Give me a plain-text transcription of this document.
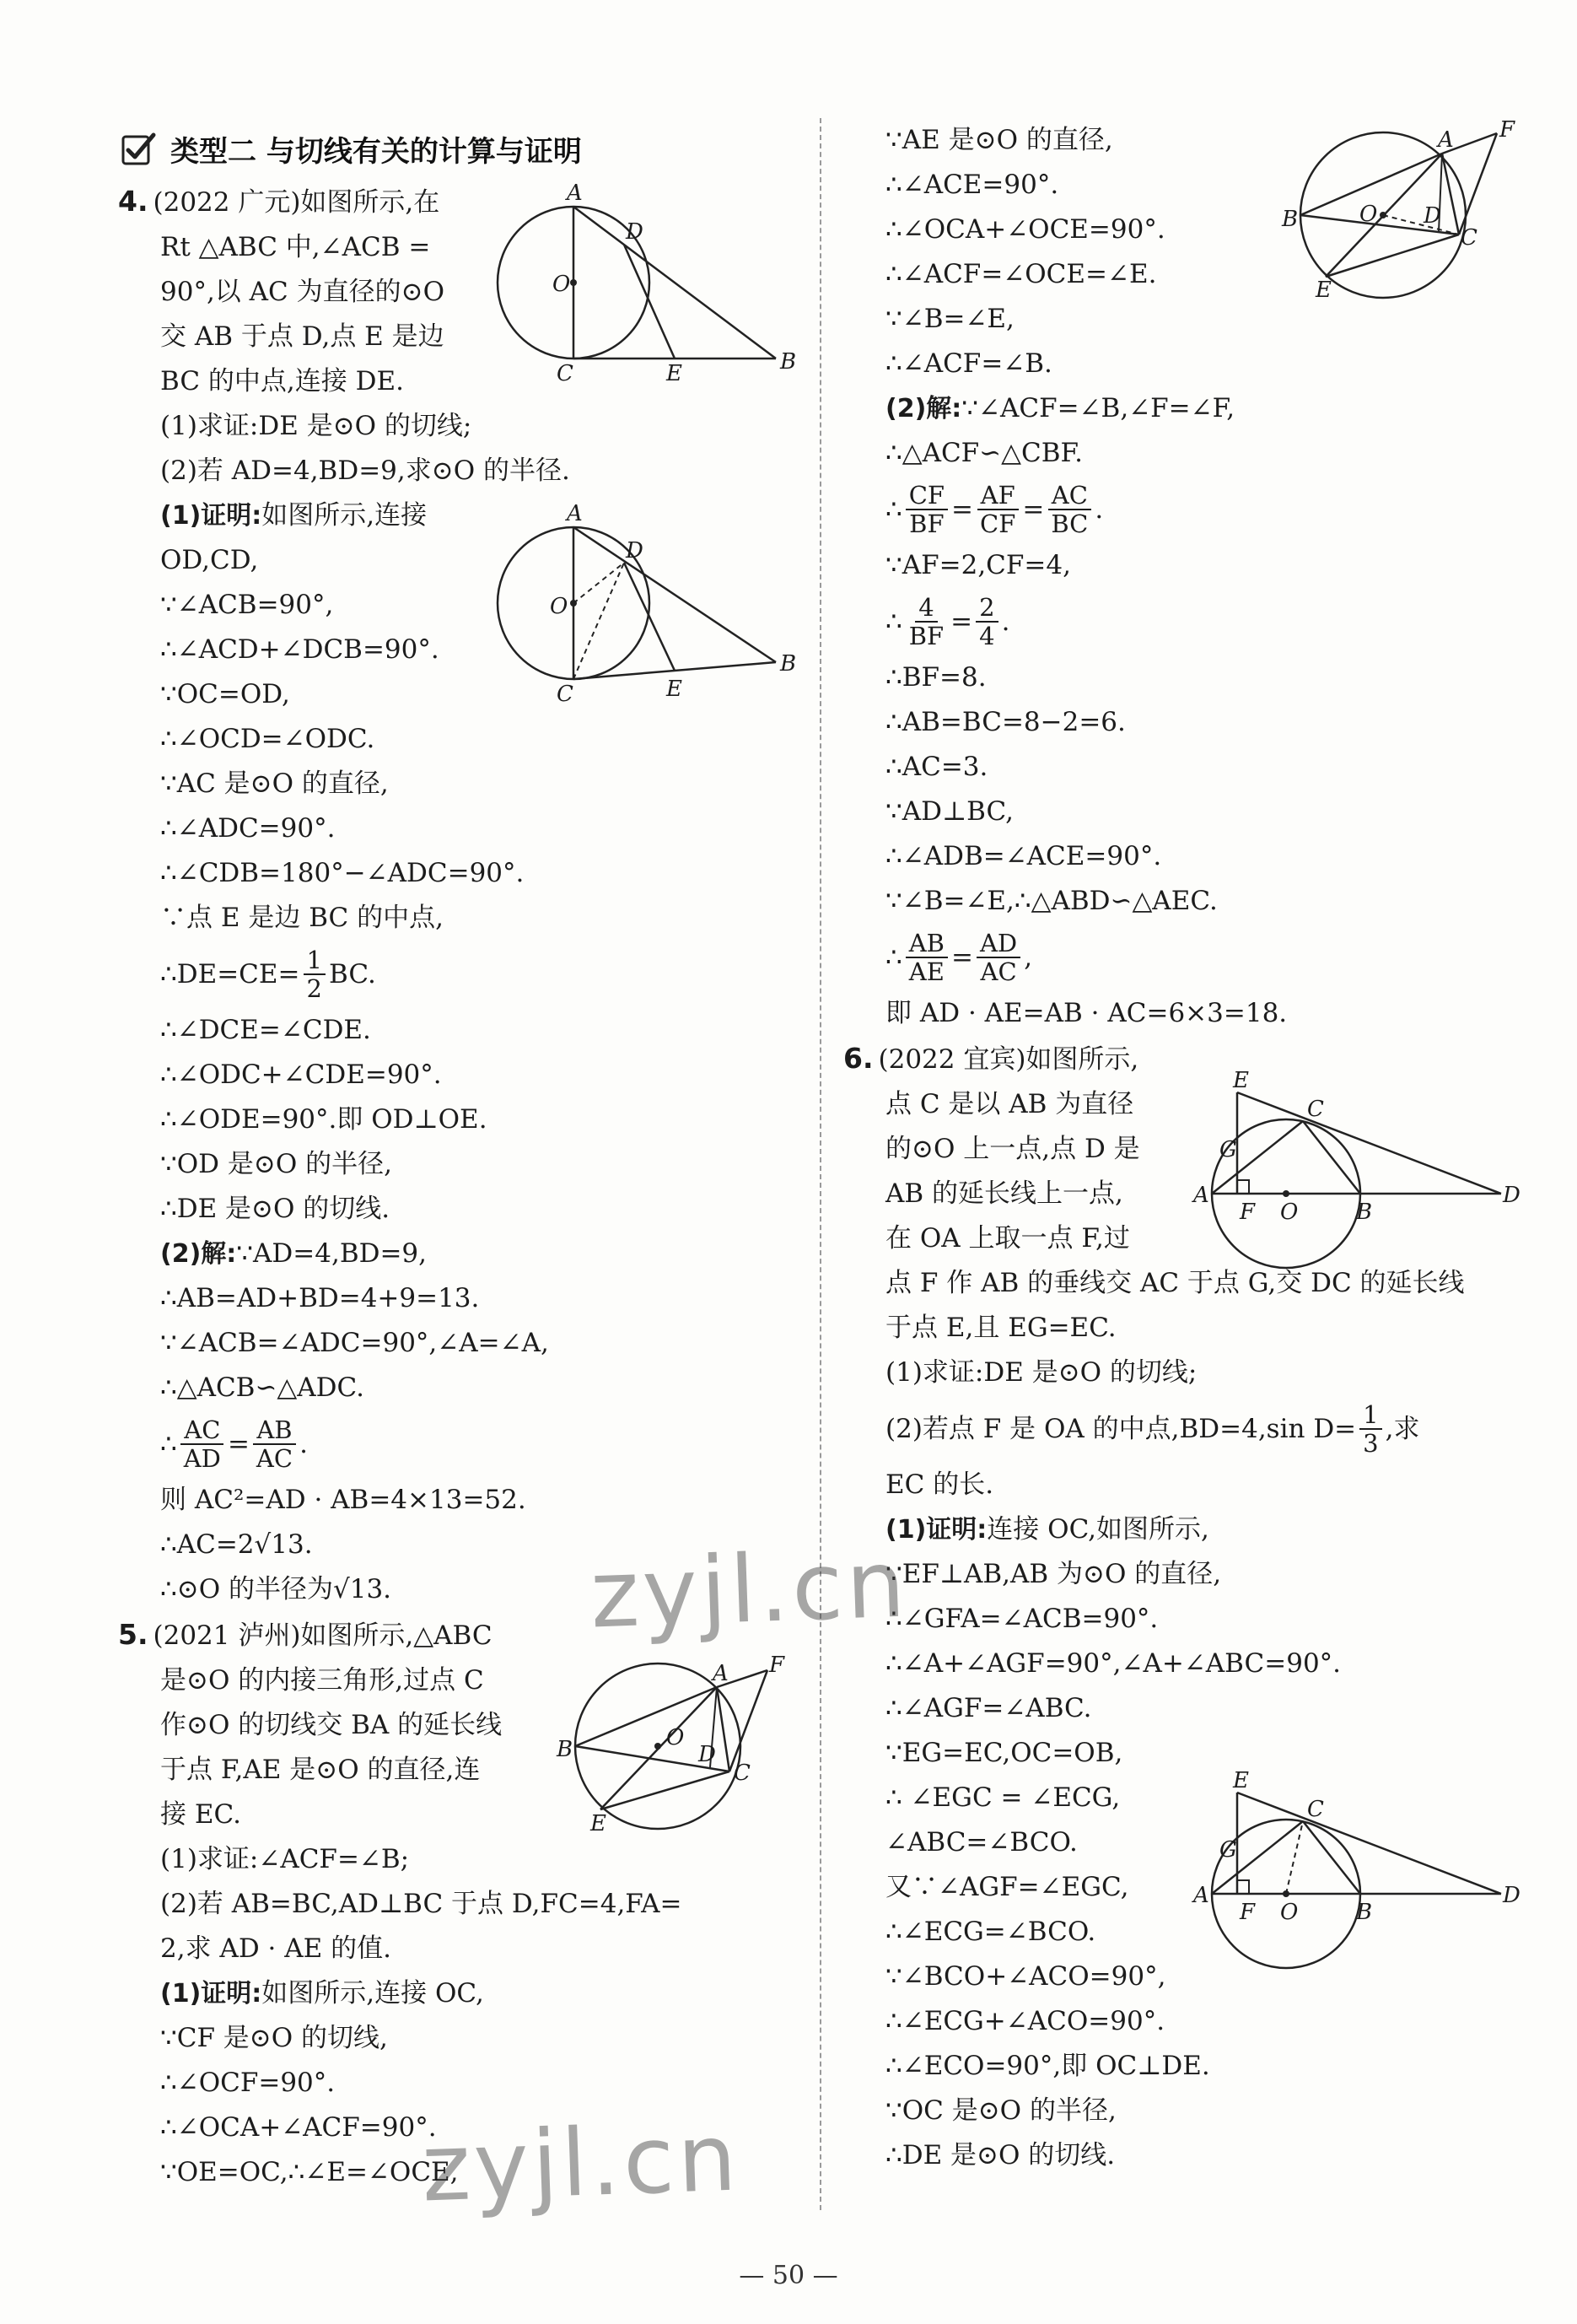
类型二 与切线有关的计算与证明
4. (2022 广元)如图所示,在
Rt △ABC 中,∠ACB =
90°,以 AC 为直径的⊙O
交 AB 于点 D,点 E 是边
BC 的中点,连接 DE.
(1)求证:DE 是⊙O 的切线;
(2)若 AD=4,BD=9,求⊙O 的半径.
(1)证明:如图所示,连接
OD,CD,
∵∠ACB=90°,
∴∠ACD+∠DCB=90°.
∵OC=OD,
∴∠OCD=∠ODC.
∵AC 是⊙O 的直径,
∴∠ADC=90°.
∴∠CDB=180°−∠ADC=90°.
∵点 E 是边 BC 的中点,
∴DE=CE= $\frac{1}{2}$ BC.
∴∠DCE=∠CDE.
∴∠ODC+∠CDE=90°.
∴∠ODE=90°.即 OD⊥OE.
∵OD 是⊙O 的半径,
∴DE 是⊙O 的切线.
(2)解:∵AD=4,BD=9,
∴AB=AD+BD=4+9=13.
∵∠ACB=∠ADC=90°,∠A=∠A,
∴△ACB∽△ADC.
∴ $\frac{AC}{AD} = \frac{AB}{AC}$ .
则 AC²=AD · AB=4×13=52.
∴AC=2√13.
∴⊙O 的半径为√13.
5. (2021 泸州)如图所示,△ABC
是⊙O 的内接三角形,过点 C
作⊙O 的切线交 BA 的延长线
于点 F,AE 是⊙O 的直径,连
接 EC.
(1)求证:∠ACF=∠B;
(2)若 AB=BC,AD⊥BC 于点 D,FC=4,FA=
2,求 AD · AE 的值.
(1)证明:如图所示,连接 OC,
∵CF 是⊙O 的切线,
∴∠OCF=90°.
∴∠OCA+∠ACF=90°.
∵OE=OC,∴∠E=∠OCE,
∵AE 是⊙O 的直径,
∴∠ACE=90°.
∴∠OCA+∠OCE=90°.
∴∠ACF=∠OCE=∠E.
∵∠B=∠E,
∴∠ACF=∠B.
(2)解:∵∠ACF=∠B,∠F=∠F,
∴△ACF∽△CBF.
∴ $\frac{CF}{BF} = \frac{AF}{CF} = \frac{AC}{BC}$ .
∵AF=2,CF=4,
∴ $\frac{4}{BF} = \frac{2}{4}$ .
∴BF=8.
∴AB=BC=8−2=6.
∴AC=3.
∵AD⊥BC,
∴∠ADB=∠ACE=90°.
∵∠B=∠E,∴△ABD∽△AEC.
∴ $\frac{AB}{AE} = \frac{AD}{AC}$ ,
即 AD · AE=AB · AC=6×3=18.
6. (2022 宜宾)如图所示,
点 C 是以 AB 为直径
的⊙O 上一点,点 D 是
AB 的延长线上一点,
在 OA 上取一点 F,过
点 F 作 AB 的垂线交 AC 于点 G,交 DC 的延长线
于点 E,且 EG=EC.
(1)求证:DE 是⊙O 的切线;
(2)若点 F 是 OA 的中点,BD=4,sin $D= \frac{1}{3}$ ,求
EC 的长.
(1)证明:连接 OC,如图所示,
∵EF⊥AB,AB 为⊙O 的直径,
∴∠GFA=∠ACB=90°.
∴∠A+∠AGF=90°,∠A+∠ABC=90°.
∴∠AGF=∠ABC.
∵EG=EC,OC=OB,
∴ ∠EGC = ∠ECG,
∠ABC=∠BCO.
又∵∠AGF=∠EGC,
∴∠ECG=∠BCO.
∵∠BCO+∠ACO=90°,
∴∠ECG+∠ACO=90°.
∴∠ECO=90°,即 OC⊥DE.
∵OC 是⊙O 的半径,
∴DE 是⊙O 的切线.
A
D
O
C	E	B
A
D
O
C	E
B
A F
O
B
C
D
E
A F
O
B
C
D
E
E
C
G
A
F O	B
D
E
C
G
A
F O	B
D
zyjl.cn
zyjl.cn
— 50 —
